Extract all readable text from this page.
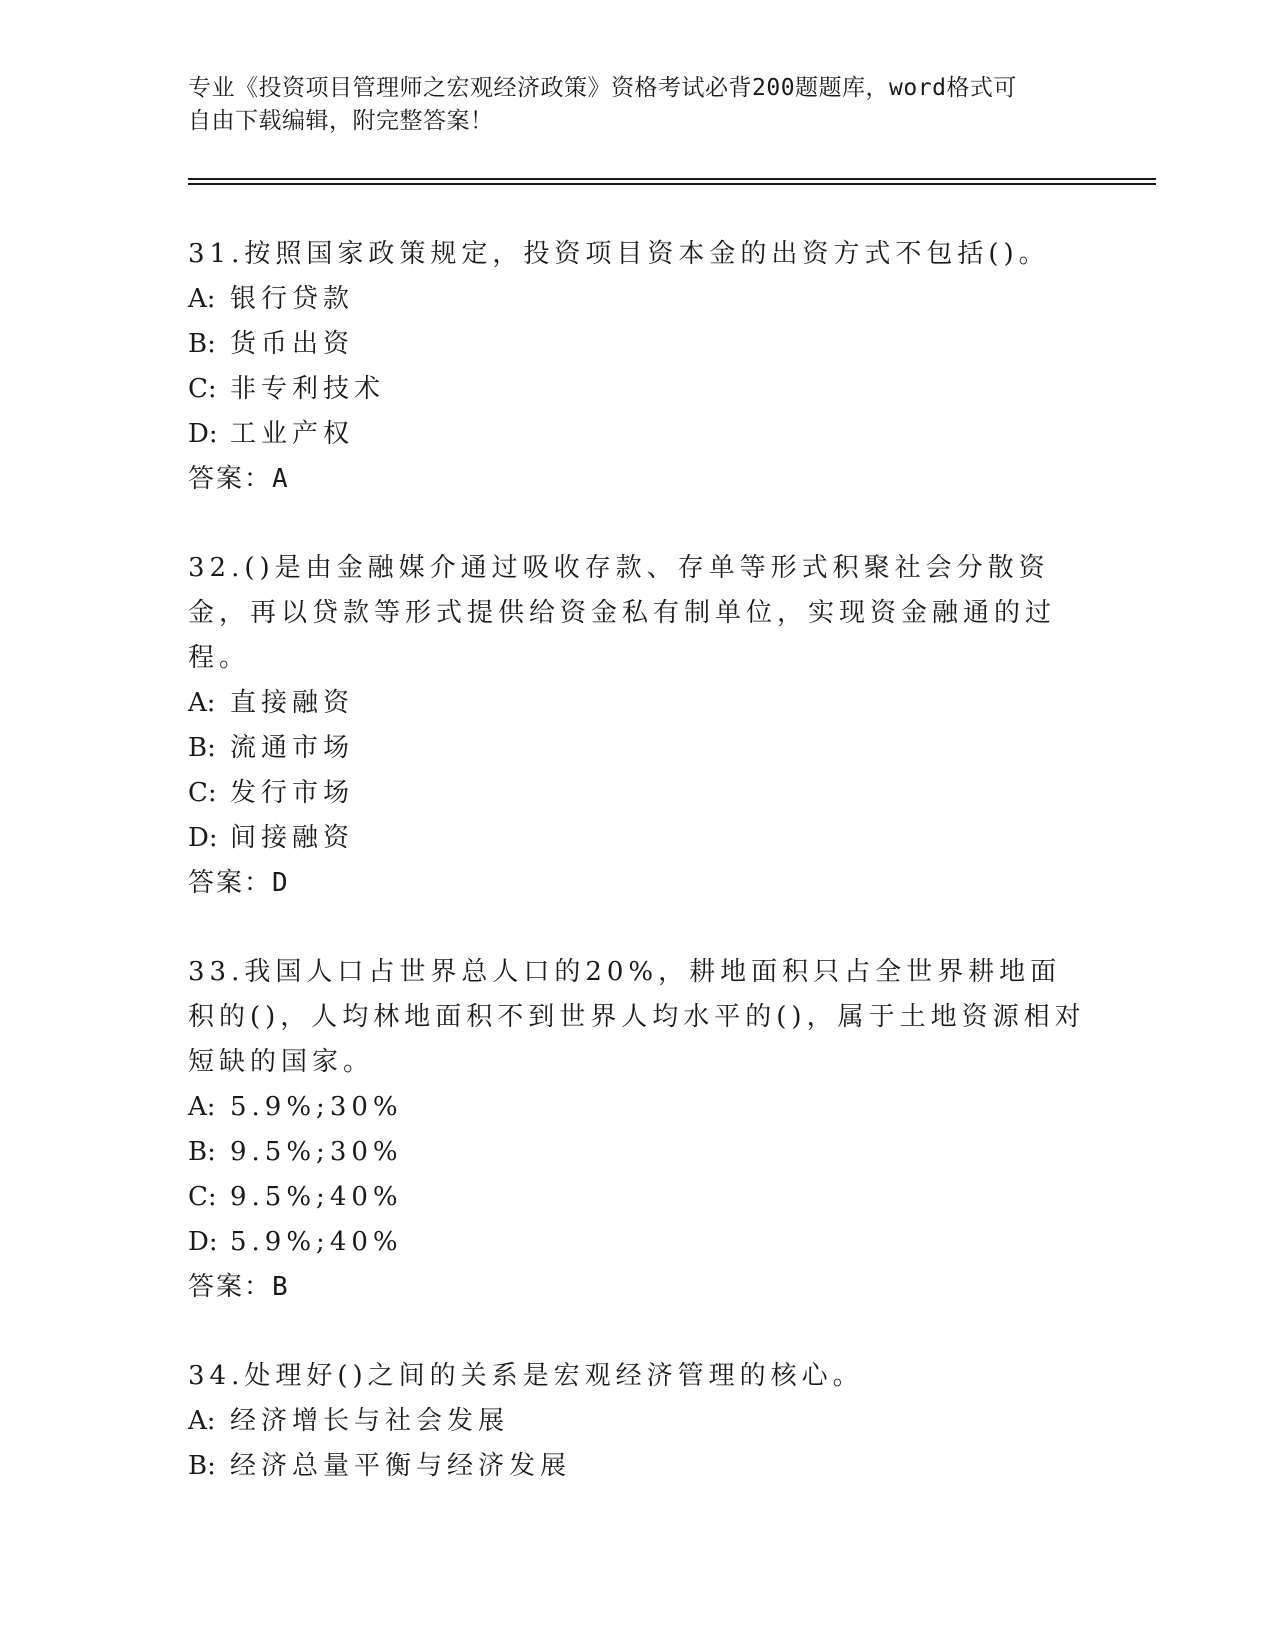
专业《投资项目管理师之宏观经济政策》资格考试必背200题题库，word格式可
自由下载编辑，附完整答案！
31.按照国家政策规定，投资项目资本金的出资方式不包括()。
A: 银行贷款
B: 货币出资
C: 非专利技术
D: 工业产权
答案：A
32.()是由金融媒介通过吸收存款、存单等形式积聚社会分散资金，再以贷款等形式提供给资金私有制单位，实现资金融通的过程。
A: 直接融资
B: 流通市场
C: 发行市场
D: 间接融资
答案：D
33.我国人口占世界总人口的20%，耕地面积只占全世界耕地面积的()，人均林地面积不到世界人均水平的()，属于土地资源相对短缺的国家。
A: 5.9%;30%
B: 9.5%;30%
C: 9.5%;40%
D: 5.9%;40%
答案：B
34.处理好()之间的关系是宏观经济管理的核心。
A: 经济增长与社会发展
B: 经济总量平衡与经济发展
